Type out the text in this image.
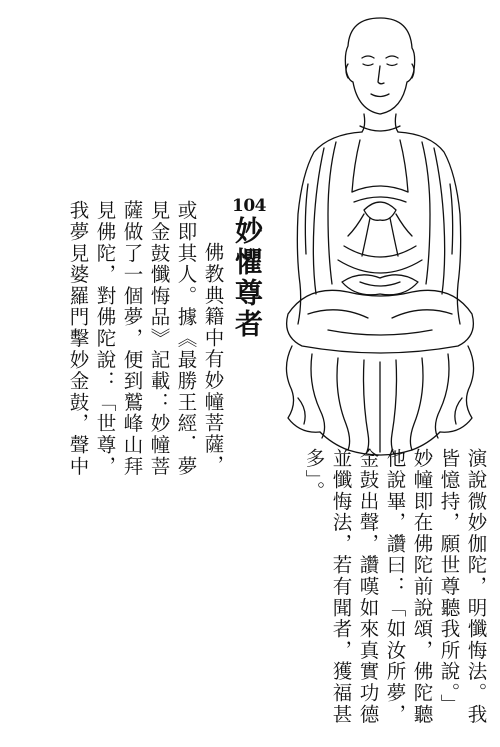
104
妙懼尊者
佛教典籍中有妙幢菩薩，
或即其人。據《最勝王經．夢
見金鼓懺悔品》記載：妙幢菩
薩做了一個夢，便到鷲峰山拜
見佛陀，對佛陀說：「世尊，
我夢見婆羅門擊妙金鼓，聲中
演說微妙伽陀，明懺悔法。我
皆憶持，願世尊聽我所說。」
妙幢即在佛陀前說頌，佛陀聽
他說畢，讚曰：「如汝所夢，
金鼓出聲，讚嘆如來真實功德
並懺悔法，若有聞者，獲福甚
多」。
